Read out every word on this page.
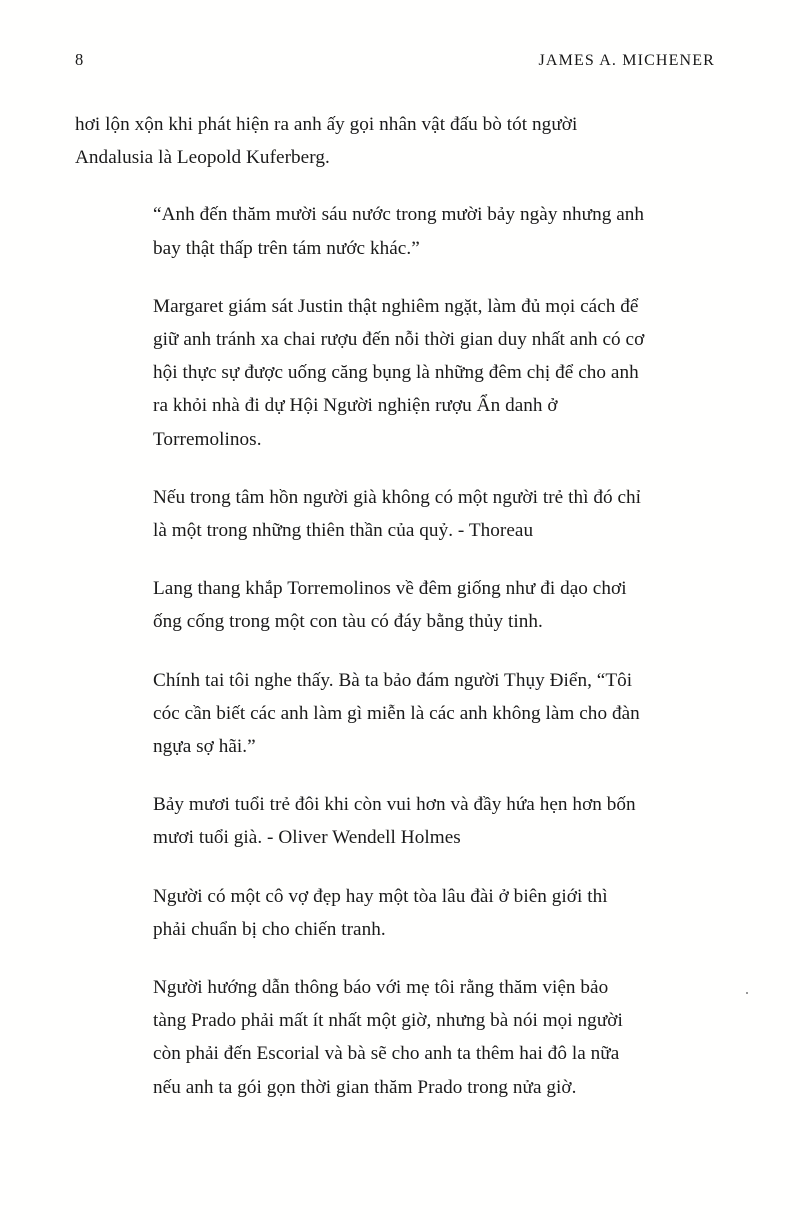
8	JAMES A. MICHENER

hơi lộn xộn khi phát hiện ra anh ấy gọi nhân vật đấu bò tót người Andalusia là Leopold Kuferberg.

“Anh đến thăm mười sáu nước trong mười bảy ngày nhưng anh bay thật thấp trên tám nước khác.”

Margaret giám sát Justin thật nghiêm ngặt, làm đủ mọi cách để giữ anh tránh xa chai rượu đến nỗi thời gian duy nhất anh có cơ hội thực sự được uống căng bụng là những đêm chị để cho anh ra khỏi nhà đi dự Hội Người nghiện rượu Ẩn danh ở Torremolinos.

Nếu trong tâm hồn người già không có một người trẻ thì đó chỉ là một trong những thiên thần của quỷ. - Thoreau

Lang thang khắp Torremolinos về đêm giống như đi dạo chơi ống cống trong một con tàu có đáy bằng thủy tinh.

Chính tai tôi nghe thấy. Bà ta bảo đám người Thụy Điển, “Tôi cóc cần biết các anh làm gì miễn là các anh không làm cho đàn ngựa sợ hãi.”

Bảy mươi tuổi trẻ đôi khi còn vui hơn và đầy hứa hẹn hơn bốn mươi tuổi già. - Oliver Wendell Holmes

Người có một cô vợ đẹp hay một tòa lâu đài ở biên giới thì phải chuẩn bị cho chiến tranh.

Người hướng dẫn thông báo với mẹ tôi rằng thăm viện bảo tàng Prado phải mất ít nhất một giờ, nhưng bà nói mọi người còn phải đến Escorial và bà sẽ cho anh ta thêm hai đô la nữa nếu anh ta gói gọn thời gian thăm Prado trong nửa giờ.
